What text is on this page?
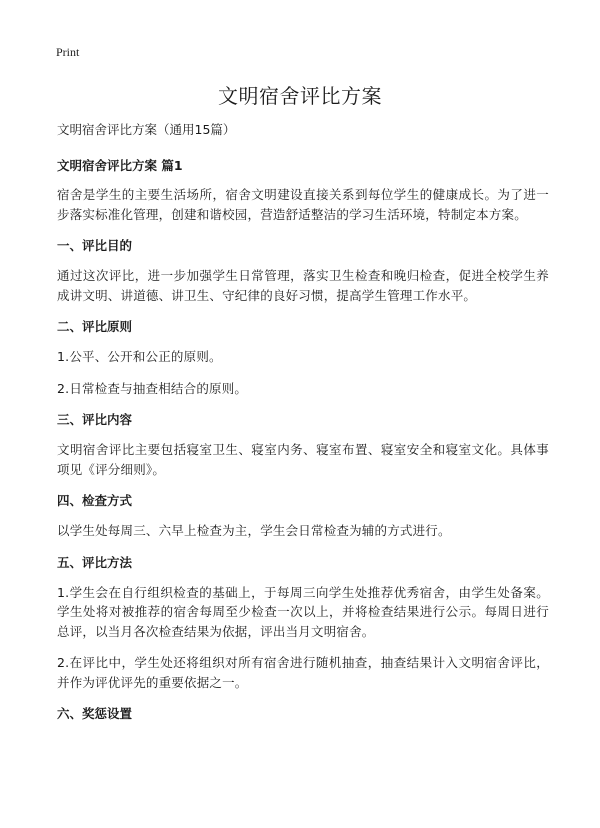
Print
文明宿舍评比方案
文明宿舍评比方案（通用15篇）
文明宿舍评比方案 篇1

宿舍是学生的主要生活场所，宿舍文明建设直接关系到每位学生的健康成长。为了进一步落实标准化管理，创建和谐校园，营造舒适整洁的学习生活环境，特制定本方案。

一、评比目的

通过这次评比，进一步加强学生日常管理，落实卫生检查和晚归检查，促进全校学生养成讲文明、讲道德、讲卫生、守纪律的良好习惯，提高学生管理工作水平。

二、评比原则

1.公平、公开和公正的原则。

2.日常检查与抽查相结合的原则。

三、评比内容

文明宿舍评比主要包括寝室卫生、寝室内务、寝室布置、寝室安全和寝室文化。具体事项见《评分细则》。

四、检查方式

以学生处每周三、六早上检查为主，学生会日常检查为辅的方式进行。

五、评比方法

1.学生会在自行组织检查的基础上，于每周三向学生处推荐优秀宿舍，由学生处备案。学生处将对被推荐的宿舍每周至少检查一次以上，并将检查结果进行公示。每周日进行总评，以当月各次检查结果为依据，评出当月文明宿舍。

2.在评比中，学生处还将组织对所有宿舍进行随机抽查，抽查结果计入文明宿舍评比，并作为评优评先的重要依据之一。

六、奖惩设置
